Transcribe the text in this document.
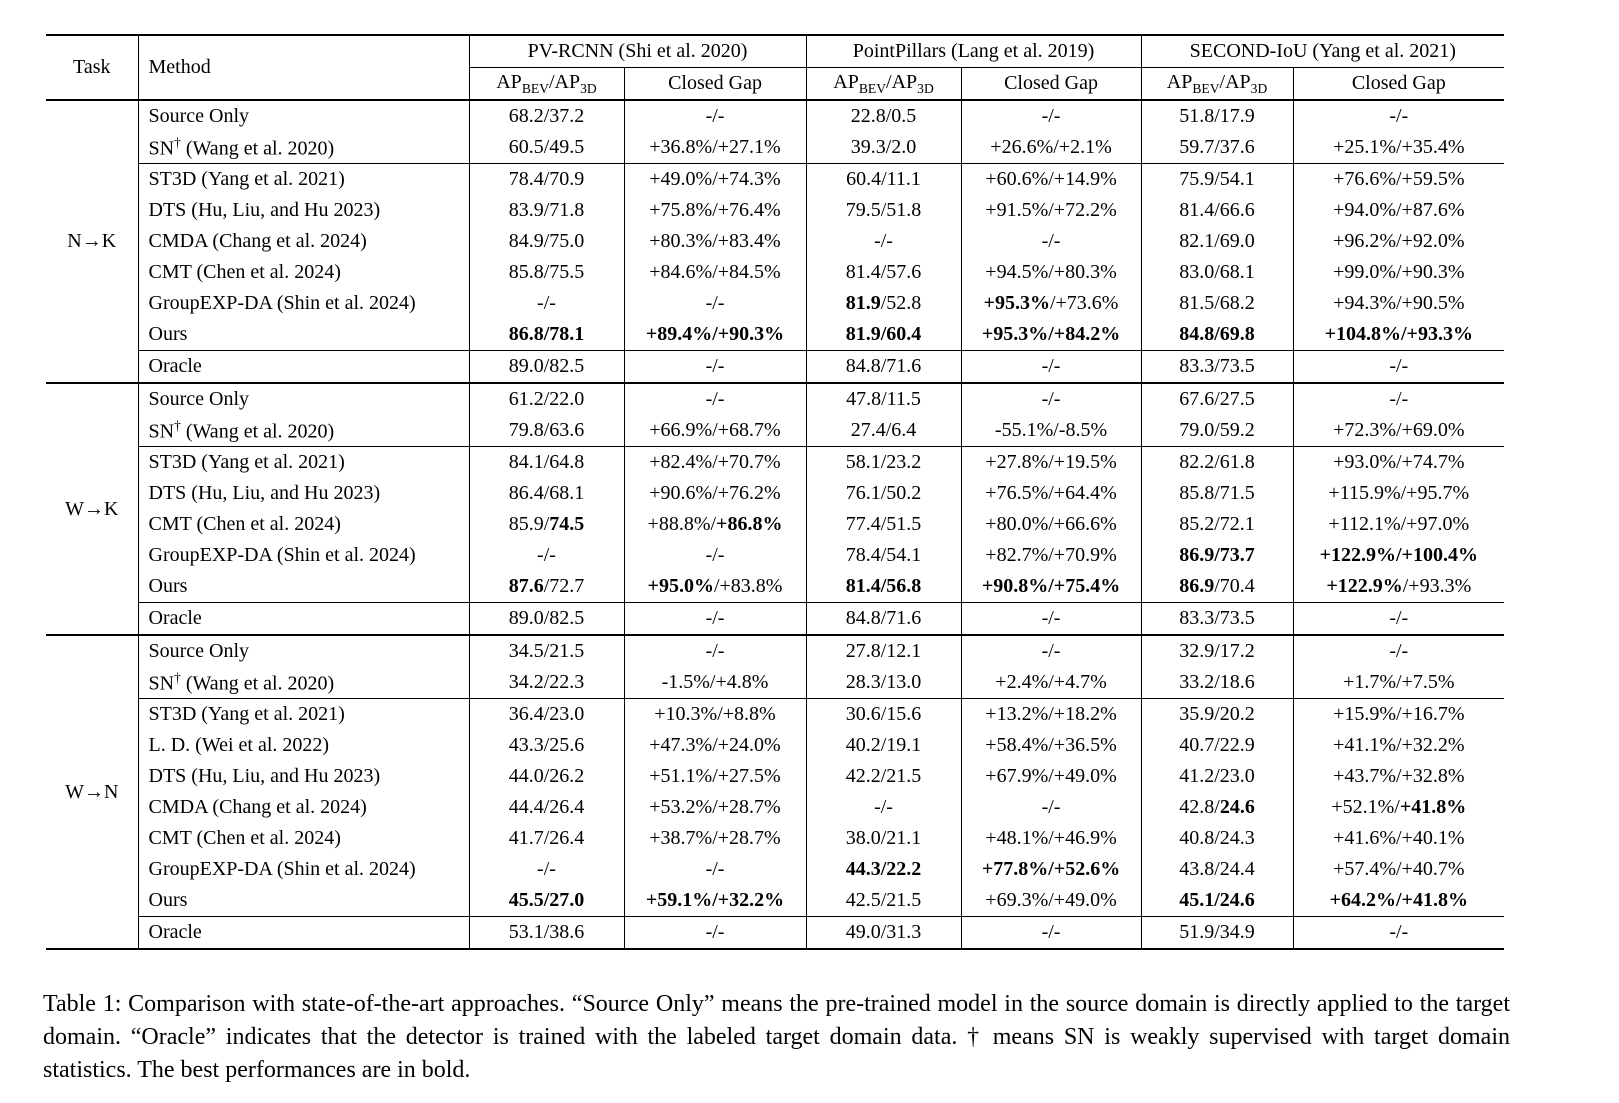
Task	Method	PV-RCNN (Shi et al. 2020)		PointPillars (Lang et al. 2019)		SECOND-IoU (Yang et al. 2021)	
		$AP_{BEV}/AP_{3D}$	Closed Gap	$AP_{BEV}/AP_{3D}$	Closed Gap	$AP_{BEV}/AP_{3D}$	Closed Gap
N→K	Source Only	68.2/37.2	-/-	22.8/0.5	-/-	51.8/17.9	-/-
	SN† (Wang et al. 2020)	60.5/49.5	+36.8%/+27.1%	39.3/2.0	+26.6%/+2.1%	59.7/37.6	+25.1%/+35.4%
	ST3D (Yang et al. 2021)	78.4/70.9	+49.0%/+74.3%	60.4/11.1	+60.6%/+14.9%	75.9/54.1	+76.6%/+59.5%
	DTS (Hu, Liu, and Hu 2023)	83.9/71.8	+75.8%/+76.4%	79.5/51.8	+91.5%/+72.2%	81.4/66.6	+94.0%/+87.6%
	CMDA (Chang et al. 2024)	84.9/75.0	+80.3%/+83.4%	-/-	-/-	82.1/69.0	+96.2%/+92.0%
	CMT (Chen et al. 2024)	85.8/75.5	+84.6%/+84.5%	81.4/57.6	+94.5%/+80.3%	83.0/68.1	+99.0%/+90.3%
	GroupEXP-DA (Shin et al. 2024)	-/-	-/-	81.9/52.8	+95.3%/+73.6%	81.5/68.2	+94.3%/+90.5%
	Ours	86.8/78.1	+89.4%/+90.3%	81.9/60.4	+95.3%/+84.2%	84.8/69.8	+104.8%/+93.3%
	Oracle	89.0/82.5	-/-	84.8/71.6	-/-	83.3/73.5	-/-
W→K	Source Only	61.2/22.0	-/-	47.8/11.5	-/-	67.6/27.5	-/-
	SN† (Wang et al. 2020)	79.8/63.6	+66.9%/+68.7%	27.4/6.4	-55.1%/-8.5%	79.0/59.2	+72.3%/+69.0%
	ST3D (Yang et al. 2021)	84.1/64.8	+82.4%/+70.7%	58.1/23.2	+27.8%/+19.5%	82.2/61.8	+93.0%/+74.7%
	DTS (Hu, Liu, and Hu 2023)	86.4/68.1	+90.6%/+76.2%	76.1/50.2	+76.5%/+64.4%	85.8/71.5	+115.9%/+95.7%
	CMT (Chen et al. 2024)	85.9/74.5	+88.8%/+86.8%	77.4/51.5	+80.0%/+66.6%	85.2/72.1	+112.1%/+97.0%
	GroupEXP-DA (Shin et al. 2024)	-/-	-/-	78.4/54.1	+82.7%/+70.9%	86.9/73.7	+122.9%/+100.4%
	Ours	87.6/72.7	+95.0%/+83.8%	81.4/56.8	+90.8%/+75.4%	86.9/70.4	+122.9%/+93.3%
	Oracle	89.0/82.5	-/-	84.8/71.6	-/-	83.3/73.5	-/-
W→N	Source Only	34.5/21.5	-/-	27.8/12.1	-/-	32.9/17.2	-/-
	SN† (Wang et al. 2020)	34.2/22.3	-1.5%/+4.8%	28.3/13.0	+2.4%/+4.7%	33.2/18.6	+1.7%/+7.5%
	ST3D (Yang et al. 2021)	36.4/23.0	+10.3%/+8.8%	30.6/15.6	+13.2%/+18.2%	35.9/20.2	+15.9%/+16.7%
	L. D. (Wei et al. 2022)	43.3/25.6	+47.3%/+24.0%	40.2/19.1	+58.4%/+36.5%	40.7/22.9	+41.1%/+32.2%
	DTS (Hu, Liu, and Hu 2023)	44.0/26.2	+51.1%/+27.5%	42.2/21.5	+67.9%/+49.0%	41.2/23.0	+43.7%/+32.8%
	CMDA (Chang et al. 2024)	44.4/26.4	+53.2%/+28.7%	-/-	-/-	42.8/24.6	+52.1%/+41.8%
	CMT (Chen et al. 2024)	41.7/26.4	+38.7%/+28.7%	38.0/21.1	+48.1%/+46.9%	40.8/24.3	+41.6%/+40.1%
	GroupEXP-DA (Shin et al. 2024)	-/-	-/-	44.3/22.2	+77.8%/+52.6%	43.8/24.4	+57.4%/+40.7%
	Ours	45.5/27.0	+59.1%/+32.2%	42.5/21.5	+69.3%/+49.0%	45.1/24.6	+64.2%/+41.8%
	Oracle	53.1/38.6	-/-	49.0/31.3	-/-	51.9/34.9	-/-
Table 1: Comparison with state-of-the-art approaches. “Source Only” means the pre-trained model in the source domain is directly applied to the target domain. “Oracle” indicates that the detector is trained with the labeled target domain data. † means SN is weakly supervised with target domain statistics. The best performances are in bold.
